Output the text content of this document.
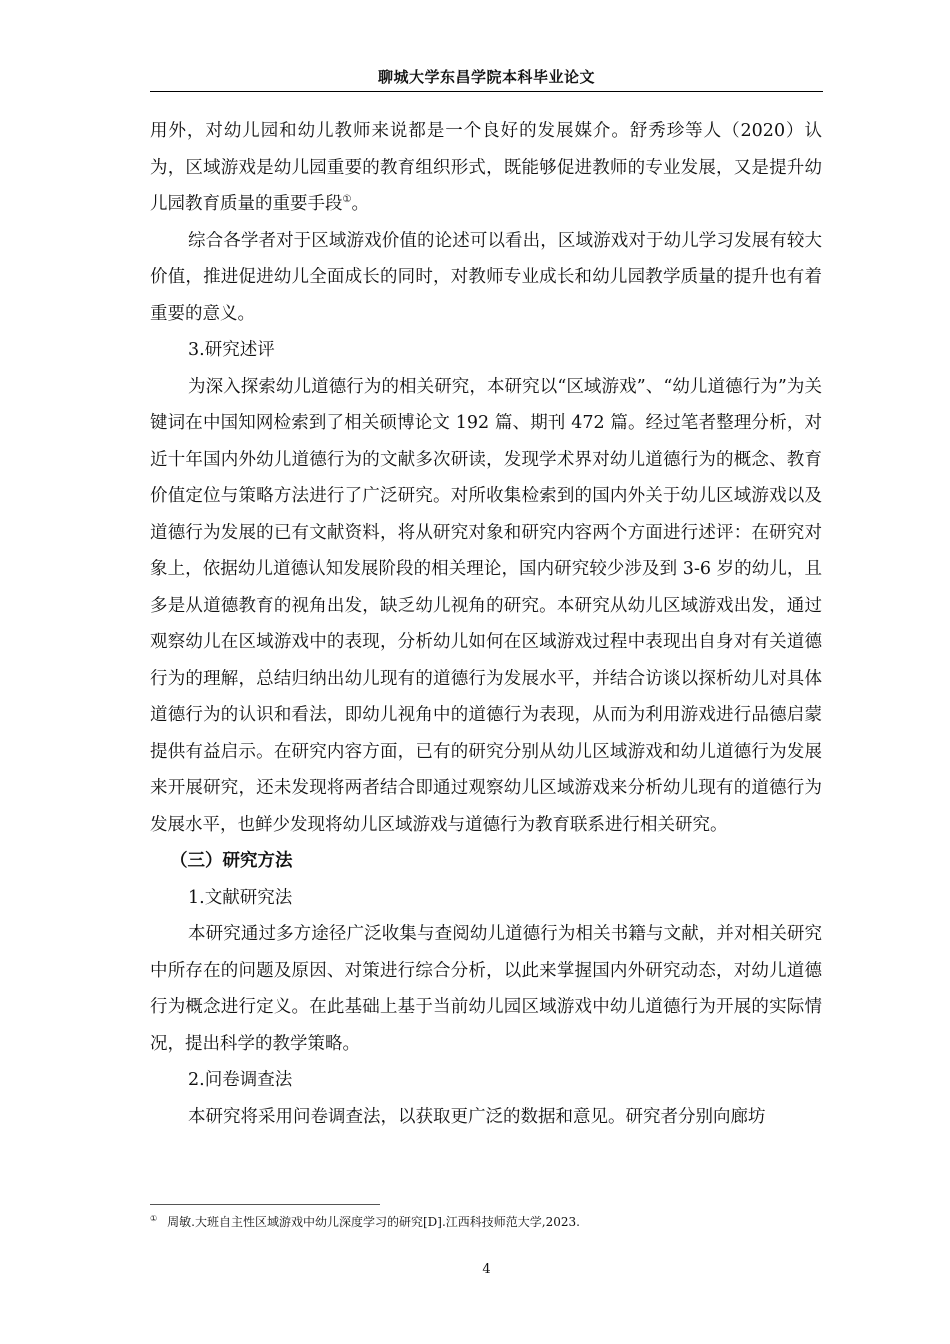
聊城大学东昌学院本科毕业论文

用外，对幼儿园和幼儿教师来说都是一个良好的发展媒介。舒秀珍等人（2020）认为，区域游戏是幼儿园重要的教育组织形式，既能够促进教师的专业发展，又是提升幼儿园教育质量的重要手段①。

综合各学者对于区域游戏价值的论述可以看出，区域游戏对于幼儿学习发展有较大价值，推进促进幼儿全面成长的同时，对教师专业成长和幼儿园教学质量的提升也有着重要的意义。

3.研究述评

为深入探索幼儿道德行为的相关研究，本研究以“区域游戏”、“幼儿道德行为”为关键词在中国知网检索到了相关硕博论文 192 篇、期刊 472 篇。经过笔者整理分析，对近十年国内外幼儿道德行为的文献多次研读，发现学术界对幼儿道德行为的概念、教育价值定位与策略方法进行了广泛研究。对所收集检索到的国内外关于幼儿区域游戏以及道德行为发展的已有文献资料，将从研究对象和研究内容两个方面进行述评：在研究对象上，依据幼儿道德认知发展阶段的相关理论，国内研究较少涉及到 3-6 岁的幼儿，且多是从道德教育的视角出发，缺乏幼儿视角的研究。本研究从幼儿区域游戏出发，通过观察幼儿在区域游戏中的表现，分析幼儿如何在区域游戏过程中表现出自身对有关道德行为的理解，总结归纳出幼儿现有的道德行为发展水平，并结合访谈以探析幼儿对具体道德行为的认识和看法，即幼儿视角中的道德行为表现，从而为利用游戏进行品德启蒙提供有益启示。在研究内容方面，已有的研究分别从幼儿区域游戏和幼儿道德行为发展来开展研究，还未发现将两者结合即通过观察幼儿区域游戏来分析幼儿现有的道德行为发展水平，也鲜少发现将幼儿区域游戏与道德行为教育联系进行相关研究。

（三）研究方法

1.文献研究法

本研究通过多方途径广泛收集与查阅幼儿道德行为相关书籍与文献，并对相关研究中所存在的问题及原因、对策进行综合分析，以此来掌握国内外研究动态，对幼儿道德行为概念进行定义。在此基础上基于当前幼儿园区域游戏中幼儿道德行为开展的实际情况，提出科学的教学策略。

2.问卷调查法

本研究将采用问卷调查法，以获取更广泛的数据和意见。研究者分别向廊坊

① 周敏.大班自主性区域游戏中幼儿深度学习的研究[D].江西科技师范大学,2023.
4
